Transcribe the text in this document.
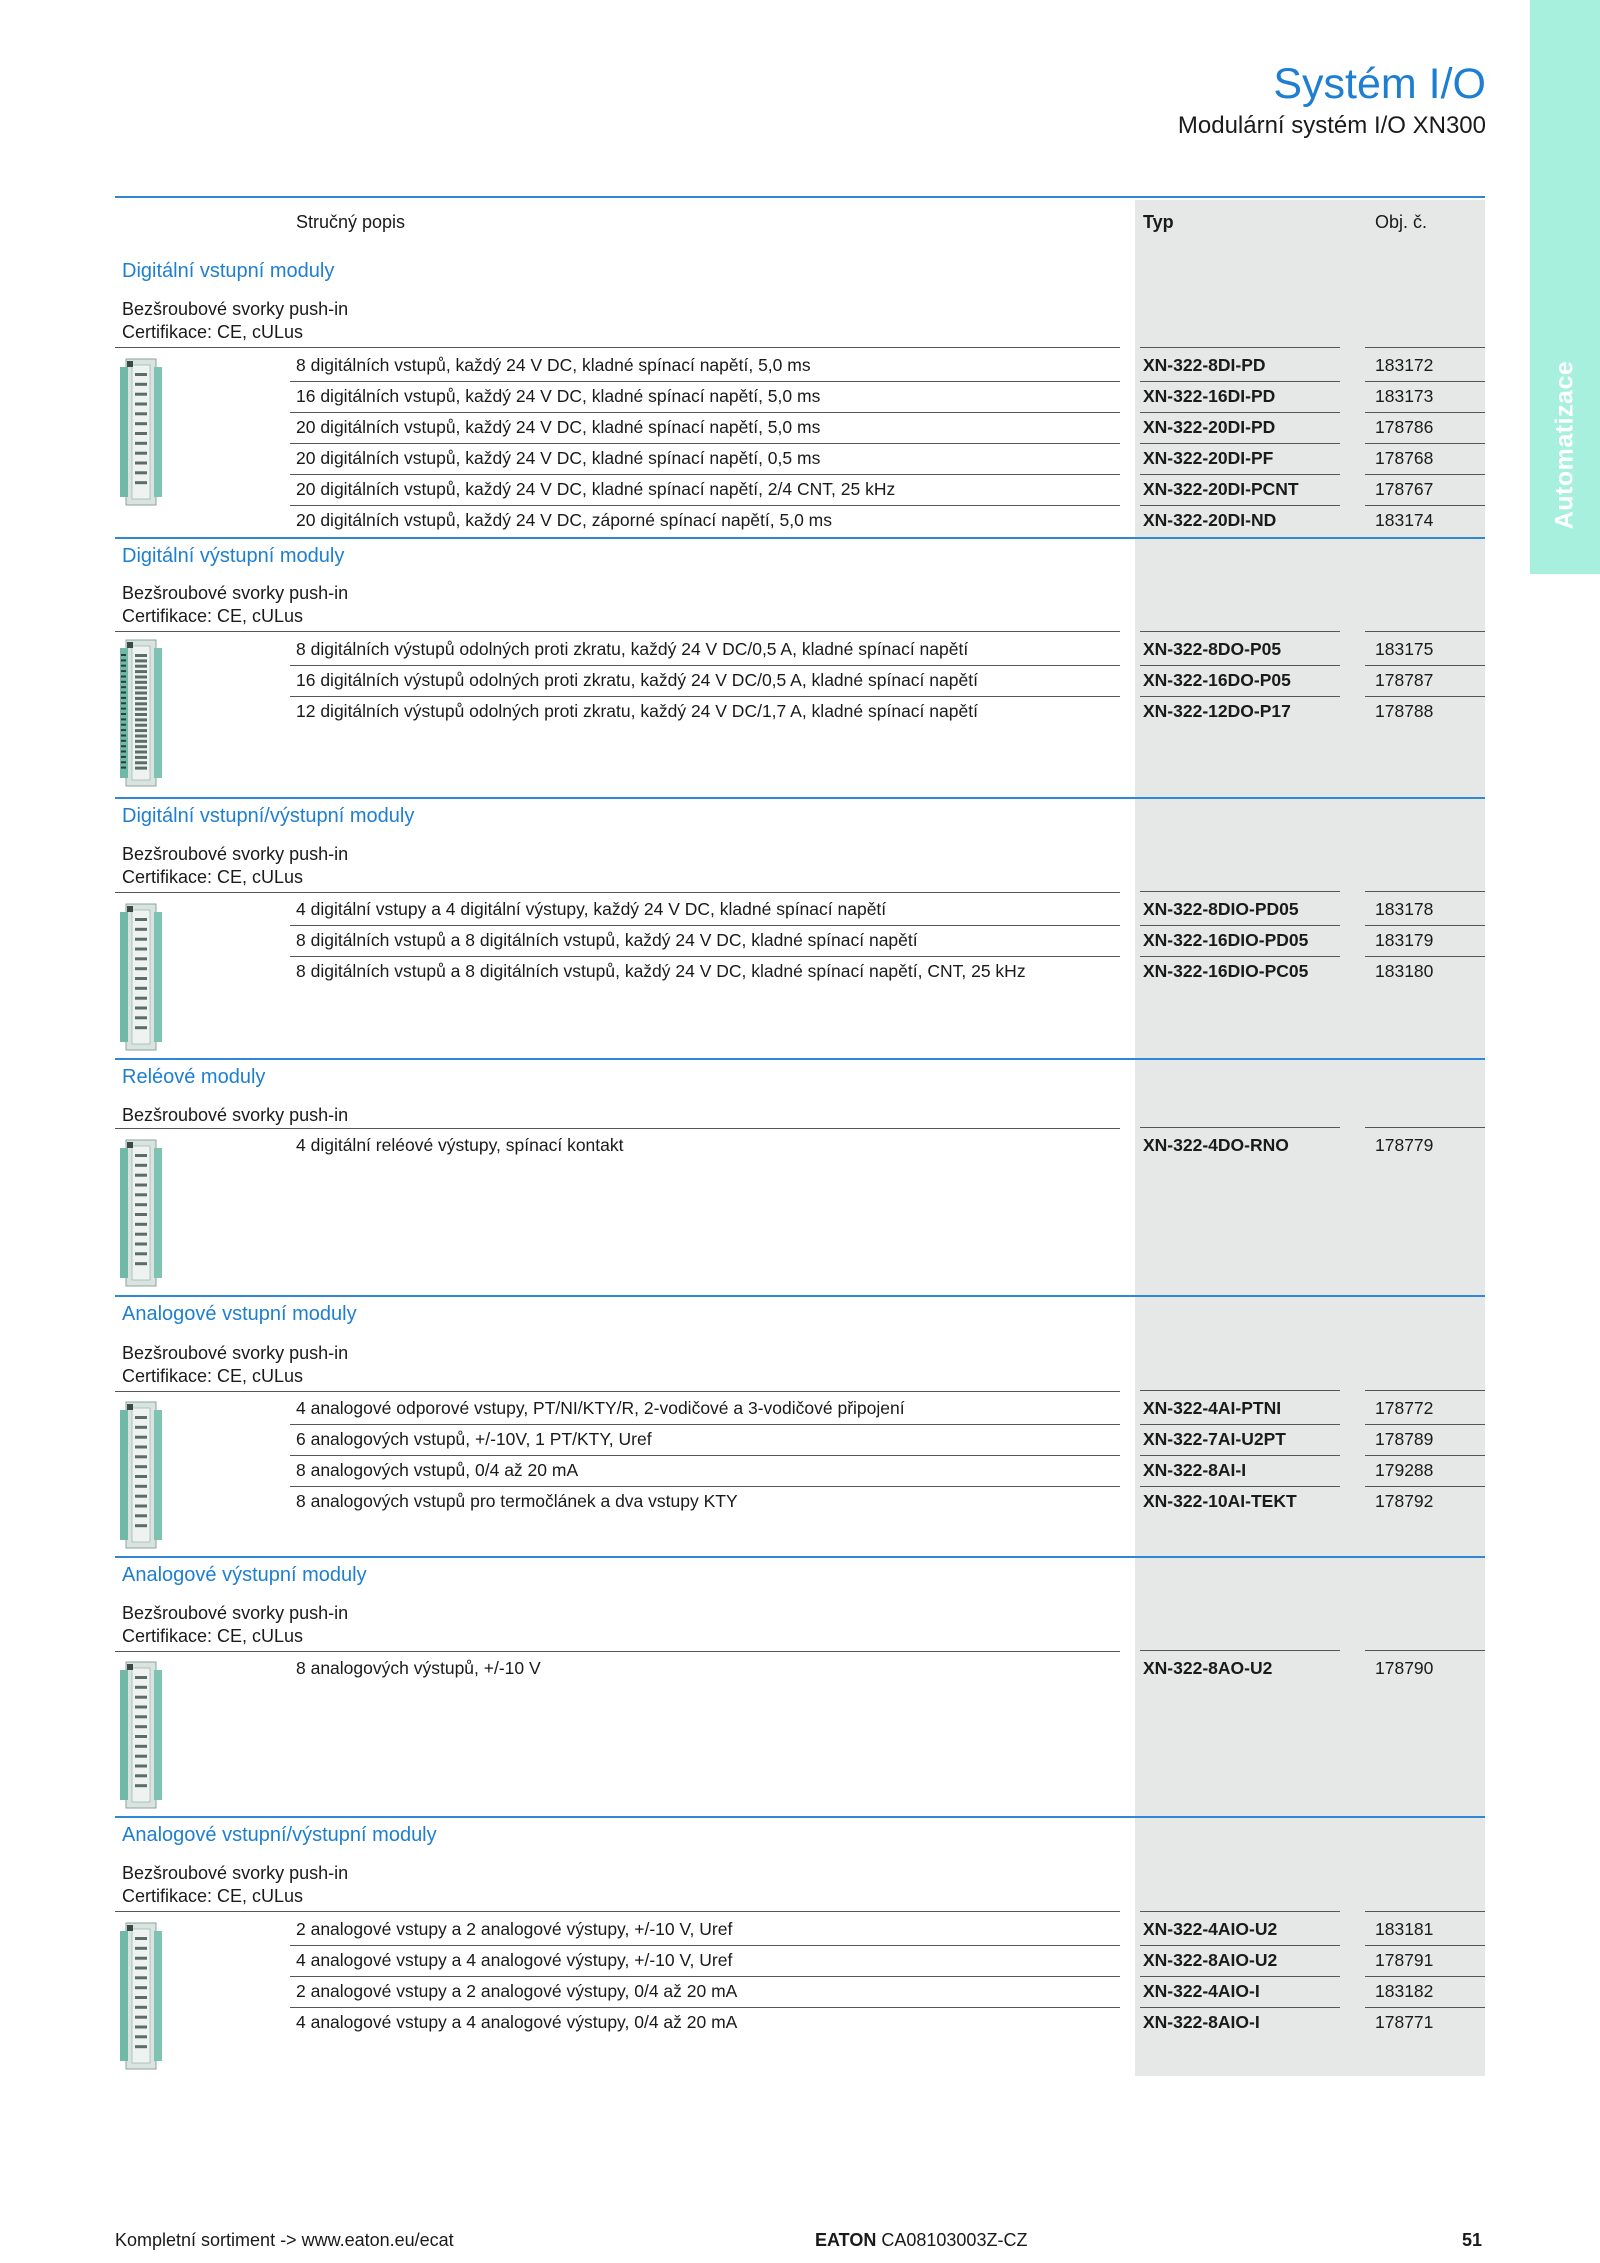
Automatizace
Systém I/O
Modulární systém I/O XN300
Stručný popis	Typ	Obj. č.
Digitální vstupní moduly
Bezšroubové svorky push-in
Certifikace: CE, cULus
8 digitálních vstupů, každý 24 V DC, kladné spínací napětí, 5,0 ms	XN-322-8DI-PD	183172
16 digitálních vstupů, každý 24 V DC, kladné spínací napětí, 5,0 ms	XN-322-16DI-PD	183173
20 digitálních vstupů, každý 24 V DC, kladné spínací napětí, 5,0 ms	XN-322-20DI-PD	178786
20 digitálních vstupů, každý 24 V DC, kladné spínací napětí, 0,5 ms	XN-322-20DI-PF	178768
20 digitálních vstupů, každý 24 V DC, kladné spínací napětí, 2/4 CNT, 25 kHz	XN-322-20DI-PCNT	178767
20 digitálních vstupů, každý 24 V DC, záporné spínací napětí, 5,0 ms	XN-322-20DI-ND	183174
Digitální výstupní moduly
Bezšroubové svorky push-in
Certifikace: CE, cULus
8 digitálních výstupů odolných proti zkratu, každý 24 V DC/0,5 A, kladné spínací napětí	XN-322-8DO-P05	183175
16 digitálních výstupů odolných proti zkratu, každý 24 V DC/0,5 A, kladné spínací napětí	XN-322-16DO-P05	178787
12 digitálních výstupů odolných proti zkratu, každý 24 V DC/1,7 A, kladné spínací napětí	XN-322-12DO-P17	178788
Digitální vstupní/výstupní moduly
Bezšroubové svorky push-in
Certifikace: CE, cULus
4 digitální vstupy a 4 digitální výstupy, každý 24 V DC, kladné spínací napětí	XN-322-8DIO-PD05	183178
8 digitálních vstupů a 8 digitálních vstupů, každý 24 V DC, kladné spínací napětí	XN-322-16DIO-PD05	183179
8 digitálních vstupů a 8 digitálních vstupů, každý 24 V DC, kladné spínací napětí, CNT, 25 kHz	XN-322-16DIO-PC05	183180
Reléové moduly
Bezšroubové svorky push-in
4 digitální reléové výstupy, spínací kontakt	XN-322-4DO-RNO	178779
Analogové vstupní moduly
Bezšroubové svorky push-in
Certifikace: CE, cULus
4 analogové odporové vstupy, PT/NI/KTY/R, 2-vodičové a 3-vodičové připojení	XN-322-4AI-PTNI	178772
6 analogových vstupů, +/-10V, 1 PT/KTY, Uref	XN-322-7AI-U2PT	178789
8 analogových vstupů, 0/4 až 20 mA	XN-322-8AI-I	179288
8 analogových vstupů pro termočlánek a dva vstupy KTY	XN-322-10AI-TEKT	178792
Analogové výstupní moduly
Bezšroubové svorky push-in
Certifikace: CE, cULus
8 analogových výstupů, +/-10 V	XN-322-8AO-U2	178790
Analogové vstupní/výstupní moduly
Bezšroubové svorky push-in
Certifikace: CE, cULus
2 analogové vstupy a 2 analogové výstupy, +/-10 V, Uref	XN-322-4AIO-U2	183181
4 analogové vstupy a 4 analogové výstupy, +/-10 V, Uref	XN-322-8AIO-U2	178791
2 analogové vstupy a 2 analogové výstupy, 0/4 až 20 mA	XN-322-4AIO-I	183182
4 analogové vstupy a 4 analogové výstupy, 0/4 až 20 mA	XN-322-8AIO-I	178771
Kompletní sortiment -> www.eaton.eu/ecat	EATON CA08103003Z-CZ	51
